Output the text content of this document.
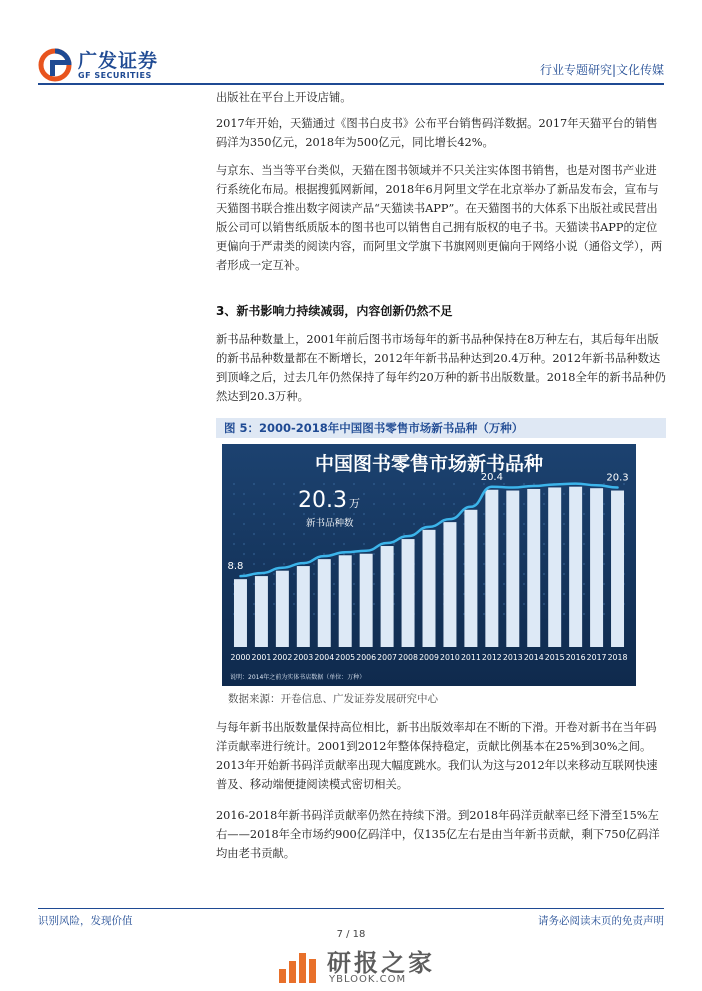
广发证券
GF SECURITIES	行业专题研究|文化传媒

出版社在平台上开设店铺。

2017年开始，天猫通过《图书白皮书》公布平台销售码洋数据。2017年天猫平台的销售码洋为350亿元，2018年为500亿元，同比增长42%。

与京东、当当等平台类似，天猫在图书领域并不只关注实体图书销售，也是对图书产业进行系统化布局。根据搜狐网新闻，2018年6月阿里文学在北京举办了新品发布会，宣布与天猫图书联合推出数字阅读产品“天猫读书APP”。在天猫图书的大体系下出版社或民营出版公司可以销售纸质版本的图书也可以销售自己拥有版权的电子书。天猫读书APP的定位更偏向于严肃类的阅读内容，而阿里文学旗下书旗网则更偏向于网络小说（通俗文学），两者形成一定互补。

3、新书影响力持续减弱，内容创新仍然不足

新书品种数量上，2001年前后图书市场每年的新书品种保持在8万种左右，其后每年出版的新书品种数量都在不断增长，2012年年新书品种达到20.4万种。2012年新书品种数达到顶峰之后，过去几年仍然保持了每年约20万种的新书出版数量。2018全年的新书品种仍然达到20.3万种。

图 5：2000-2018年中国图书零售市场新书品种（万种）
中国图书零售市场新书品种
20.3 万
新书品种数
8.8
20.4	20.3
2000 2001 2002 2003 2004 2005 2006 2007 2008 2009 2010 2011 2012 2013 2014 2015 2016 2017 2018
说明：2014年之前为实体书店数据（单位：万种）
数据来源：开卷信息、广发证券发展研究中心

与每年新书出版数量保持高位相比，新书出版效率却在不断的下滑。开卷对新书在当年码洋贡献率进行统计。2001到2012年整体保持稳定，贡献比例基本在25%到30%之间。2013年开始新书码洋贡献率出现大幅度跳水。我们认为这与2012年以来移动互联网快速普及、移动端便捷阅读模式密切相关。

2016-2018年新书码洋贡献率仍然在持续下滑。到2018年码洋贡献率已经下滑至15%左右——2018年全市场约900亿码洋中，仅135亿左右是由当年新书贡献，剩下750亿码洋均由老书贡献。

识别风险，发现价值	请务必阅读末页的免责声明
7 / 18
研报之家
YBLOOK.COM
